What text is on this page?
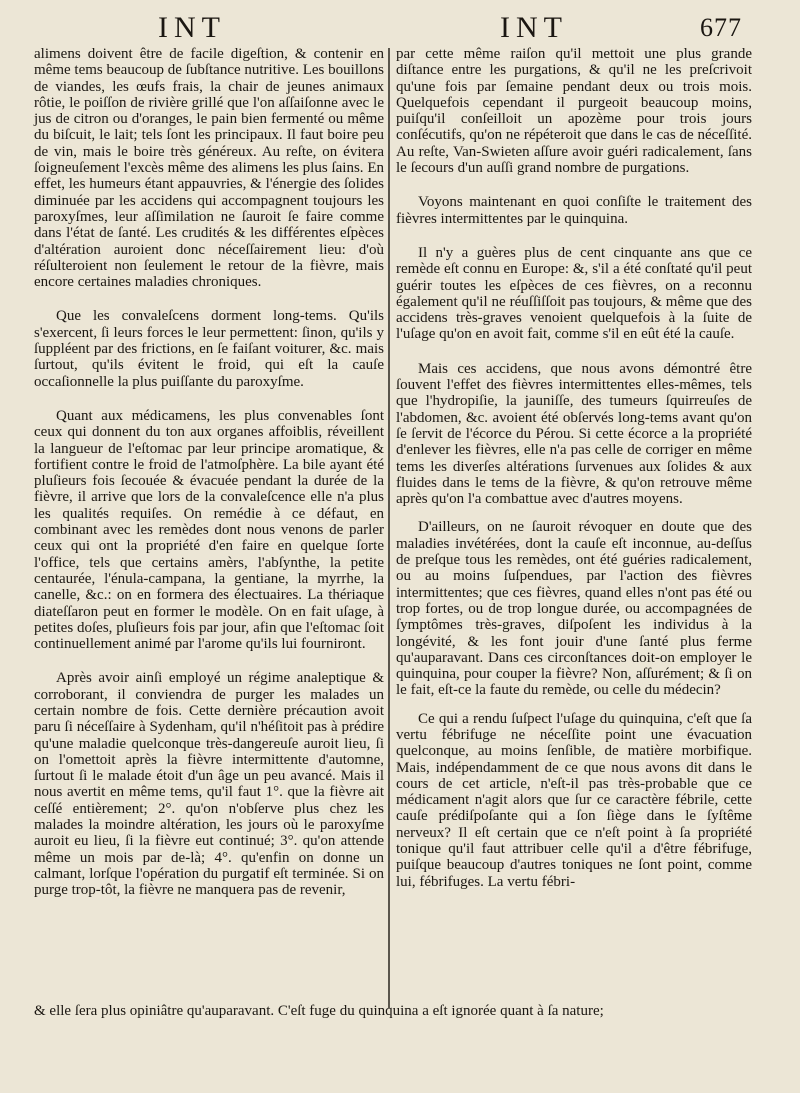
INT	INT	677

alimens doivent être de facile digeſtion, & contenir en même tems beaucoup de ſubſtance nutritive. Les bouillons de viandes, les œufs frais, la chair de jeunes animaux rôtie, le poiſſon de rivière grillé que l'on aſſaiſonne avec le jus de citron ou d'oranges, le pain bien fermenté ou même du biſcuit, le lait; tels ſont les principaux. Il faut boire peu de vin, mais le boire très généreux. Au reſte, on évitera ſoigneuſement l'excès même des alimens les plus ſains. En effet, les humeurs étant appauvries, & l'énergie des ſolides diminuée par les accidens qui accompagnent toujours les paroxyſmes, leur aſſimilation ne ſauroit ſe faire comme dans l'état de ſanté. Les crudités & les différentes eſpèces d'altération auroient donc néceſſairement lieu: d'où réſulteroient non ſeulement le retour de la fièvre, mais encore certaines maladies chroniques.

Que les convaleſcens dorment long-tems. Qu'ils s'exercent, ſi leurs forces le leur permettent: ſinon, qu'ils y ſuppléent par des frictions, en ſe faiſant voiturer, &c. mais ſurtout, qu'ils évitent le froid, qui eſt la cauſe occaſionnelle la plus puiſſante du paroxyſme.

Quant aux médicamens, les plus convenables ſont ceux qui donnent du ton aux organes affoiblis, réveillent la langueur de l'eſtomac par leur principe aromatique, & fortifient contre le froid de l'atmoſphère. La bile ayant été pluſieurs fois ſecouée & évacuée pendant la durée de la fièvre, il arrive que lors de la convaleſcence elle n'a plus les qualités requiſes. On remédie à ce défaut, en combinant avec les remèdes dont nous venons de parler ceux qui ont la propriété d'en faire en quelque ſorte l'office, tels que certains amèrs, l'abſynthe, la petite centaurée, l'énula-campana, la gentiane, la myrrhe, la canelle, &c.: on en formera des électuaires. La thériaque diateſſaron peut en former le modèle. On en fait uſage, à petites doſes, pluſieurs fois par jour, afin que l'eſtomac ſoit continuellement animé par l'arome qu'ils lui fourniront.

Après avoir ainſi employé un régime analeptique & corroborant, il conviendra de purger les malades un certain nombre de fois. Cette dernière précaution avoit paru ſi néceſſaire à Sydenham, qu'il n'héſitoit pas à prédire qu'une maladie quelconque très-dangereuſe auroit lieu, ſi on l'omettoit après la fièvre intermittente d'automne, ſurtout ſi le malade étoit d'un âge un peu avancé. Mais il nous avertit en même tems, qu'il faut 1°. que la fièvre ait ceſſé entièrement; 2°. qu'on n'obſerve plus chez les malades la moindre altération, les jours où le paroxyſme auroit eu lieu, ſi la fièvre eut continué; 3°. qu'on attende même un mois par de-là; 4°. qu'enfin on donne un calmant, lorſque l'opération du purgatif eſt terminée. Si on purge trop-tôt, la fièvre ne manquera pas de revenir,

par cette même raiſon qu'il mettoit une plus grande diſtance entre les purgations, & qu'il ne les preſcrivoit qu'une fois par ſemaine pendant deux ou trois mois. Quelquefois cependant il purgeoit beaucoup moins, puiſqu'il conſeilloit un apozème pour trois jours conſécutifs, qu'on ne répéteroit que dans le cas de néceſſité. Au reſte, Van-Swieten aſſure avoir guéri radicalement, ſans le ſecours d'un auſſi grand nombre de purgations.

Voyons maintenant en quoi conſiſte le traitement des fièvres intermittentes par le quinquina.

Il n'y a guères plus de cent cinquante ans que ce remède eſt connu en Europe: &, s'il a été conſtaté qu'il peut guérir toutes les eſpèces de ces fièvres, on a reconnu également qu'il ne réuſſiſſoit pas toujours, & même que des accidens très-graves venoient quelquefois à la ſuite de l'uſage qu'on en avoit fait, comme s'il en eût été la cauſe.

Mais ces accidens, que nous avons démontré être ſouvent l'effet des fièvres intermittentes elles-mêmes, tels que l'hydropiſie, la jauniſſe, des tumeurs ſquirreuſes de l'abdomen, &c. avoient été obſervés long-tems avant qu'on ſe ſervit de l'écorce du Pérou. Si cette écorce a la propriété d'enlever les fièvres, elle n'a pas celle de corriger en même tems les diverſes altérations ſurvenues aux ſolides & aux fluides dans le tems de la fièvre, & qu'on retrouve même après qu'on l'a combattue avec d'autres moyens.

D'ailleurs, on ne ſauroit révoquer en doute que des maladies invétérées, dont la cauſe eſt inconnue, au-deſſus de preſque tous les remèdes, ont été guéries radicalement, ou au moins ſuſpendues, par l'action des fièvres intermittentes; que ces fièvres, quand elles n'ont pas été ou trop fortes, ou de trop longue durée, ou accompagnées de ſymptômes très-graves, diſpoſent les individus à la longévité, & les font jouir d'une ſanté plus ferme qu'auparavant. Dans ces circonſtances doit-on employer le quinquina, pour couper la fièvre? Non, aſſurément; & ſi on le fait, eſt-ce la faute du remède, ou celle du médecin?

Ce qui a rendu ſuſpect l'uſage du quinquina, c'eſt que ſa vertu fébrifuge ne néceſſite point une évacuation quelconque, au moins ſenſible, de matière morbifique. Mais, indépendamment de ce que nous avons dit dans le cours de cet article, n'eſt-il pas très-probable que ce médicament n'agit alors que ſur ce caractère fébrile, cette cauſe prédiſpoſante qui a ſon ſiège dans le ſyſtême nerveux? Il eſt certain que ce n'eſt point à ſa propriété tonique qu'il faut attribuer celle qu'il a d'être fébrifuge, puiſque beaucoup d'autres toniques ne ſont point, comme lui, fébrifuges. La vertu fébri-

& elle ſera plus opiniâtre qu'auparavant. C'eſt fuge du quinquina a eſt ignorée quant à ſa nature;
